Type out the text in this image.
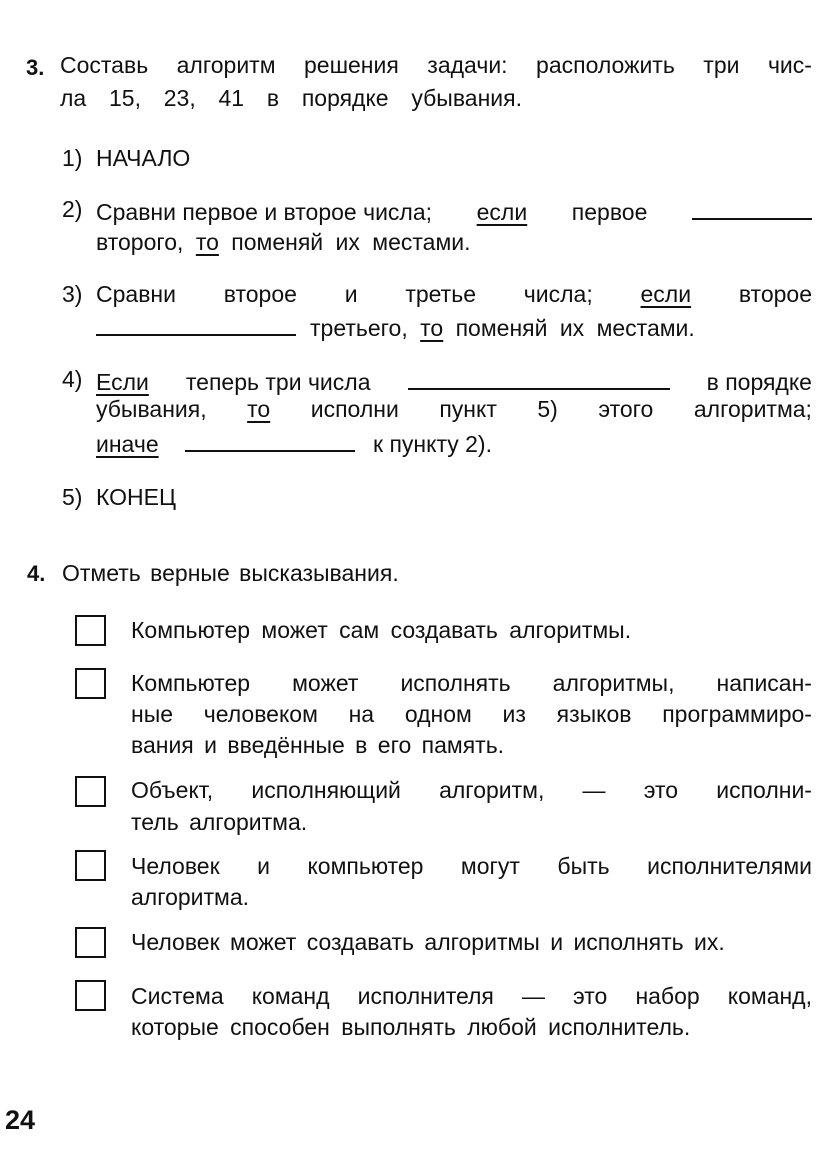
3. Составь алгоритм решения задачи: расположить три чис-
ла 15, 23, 41 в порядке убывания.
1) НАЧАЛО
2) Сравни первое и второе числа; если первое
второго, то поменяй их местами.
3) Сравни второе и третье числа; если второе
третьего, то поменяй их местами.
4) Если теперь три числа	в порядке
убывания, то исполни пункт 5) этого алгоритма;
иначе	к пункту 2).
5) КОНЕЦ
4. Отметь верные высказывания.
Компьютер может сам создавать алгоритмы.
Компьютер может исполнять алгоритмы, написан-
ные человеком на одном из языков программиро-
вания и введённые в его память.
Объект, исполняющий алгоритм, — это исполни-
тель алгоритма.
Человек и компьютер могут быть исполнителями
алгоритма.
Человек может создавать алгоритмы и исполнять их.
Система команд исполнителя — это набор команд,
которые способен выполнять любой исполнитель.
24
